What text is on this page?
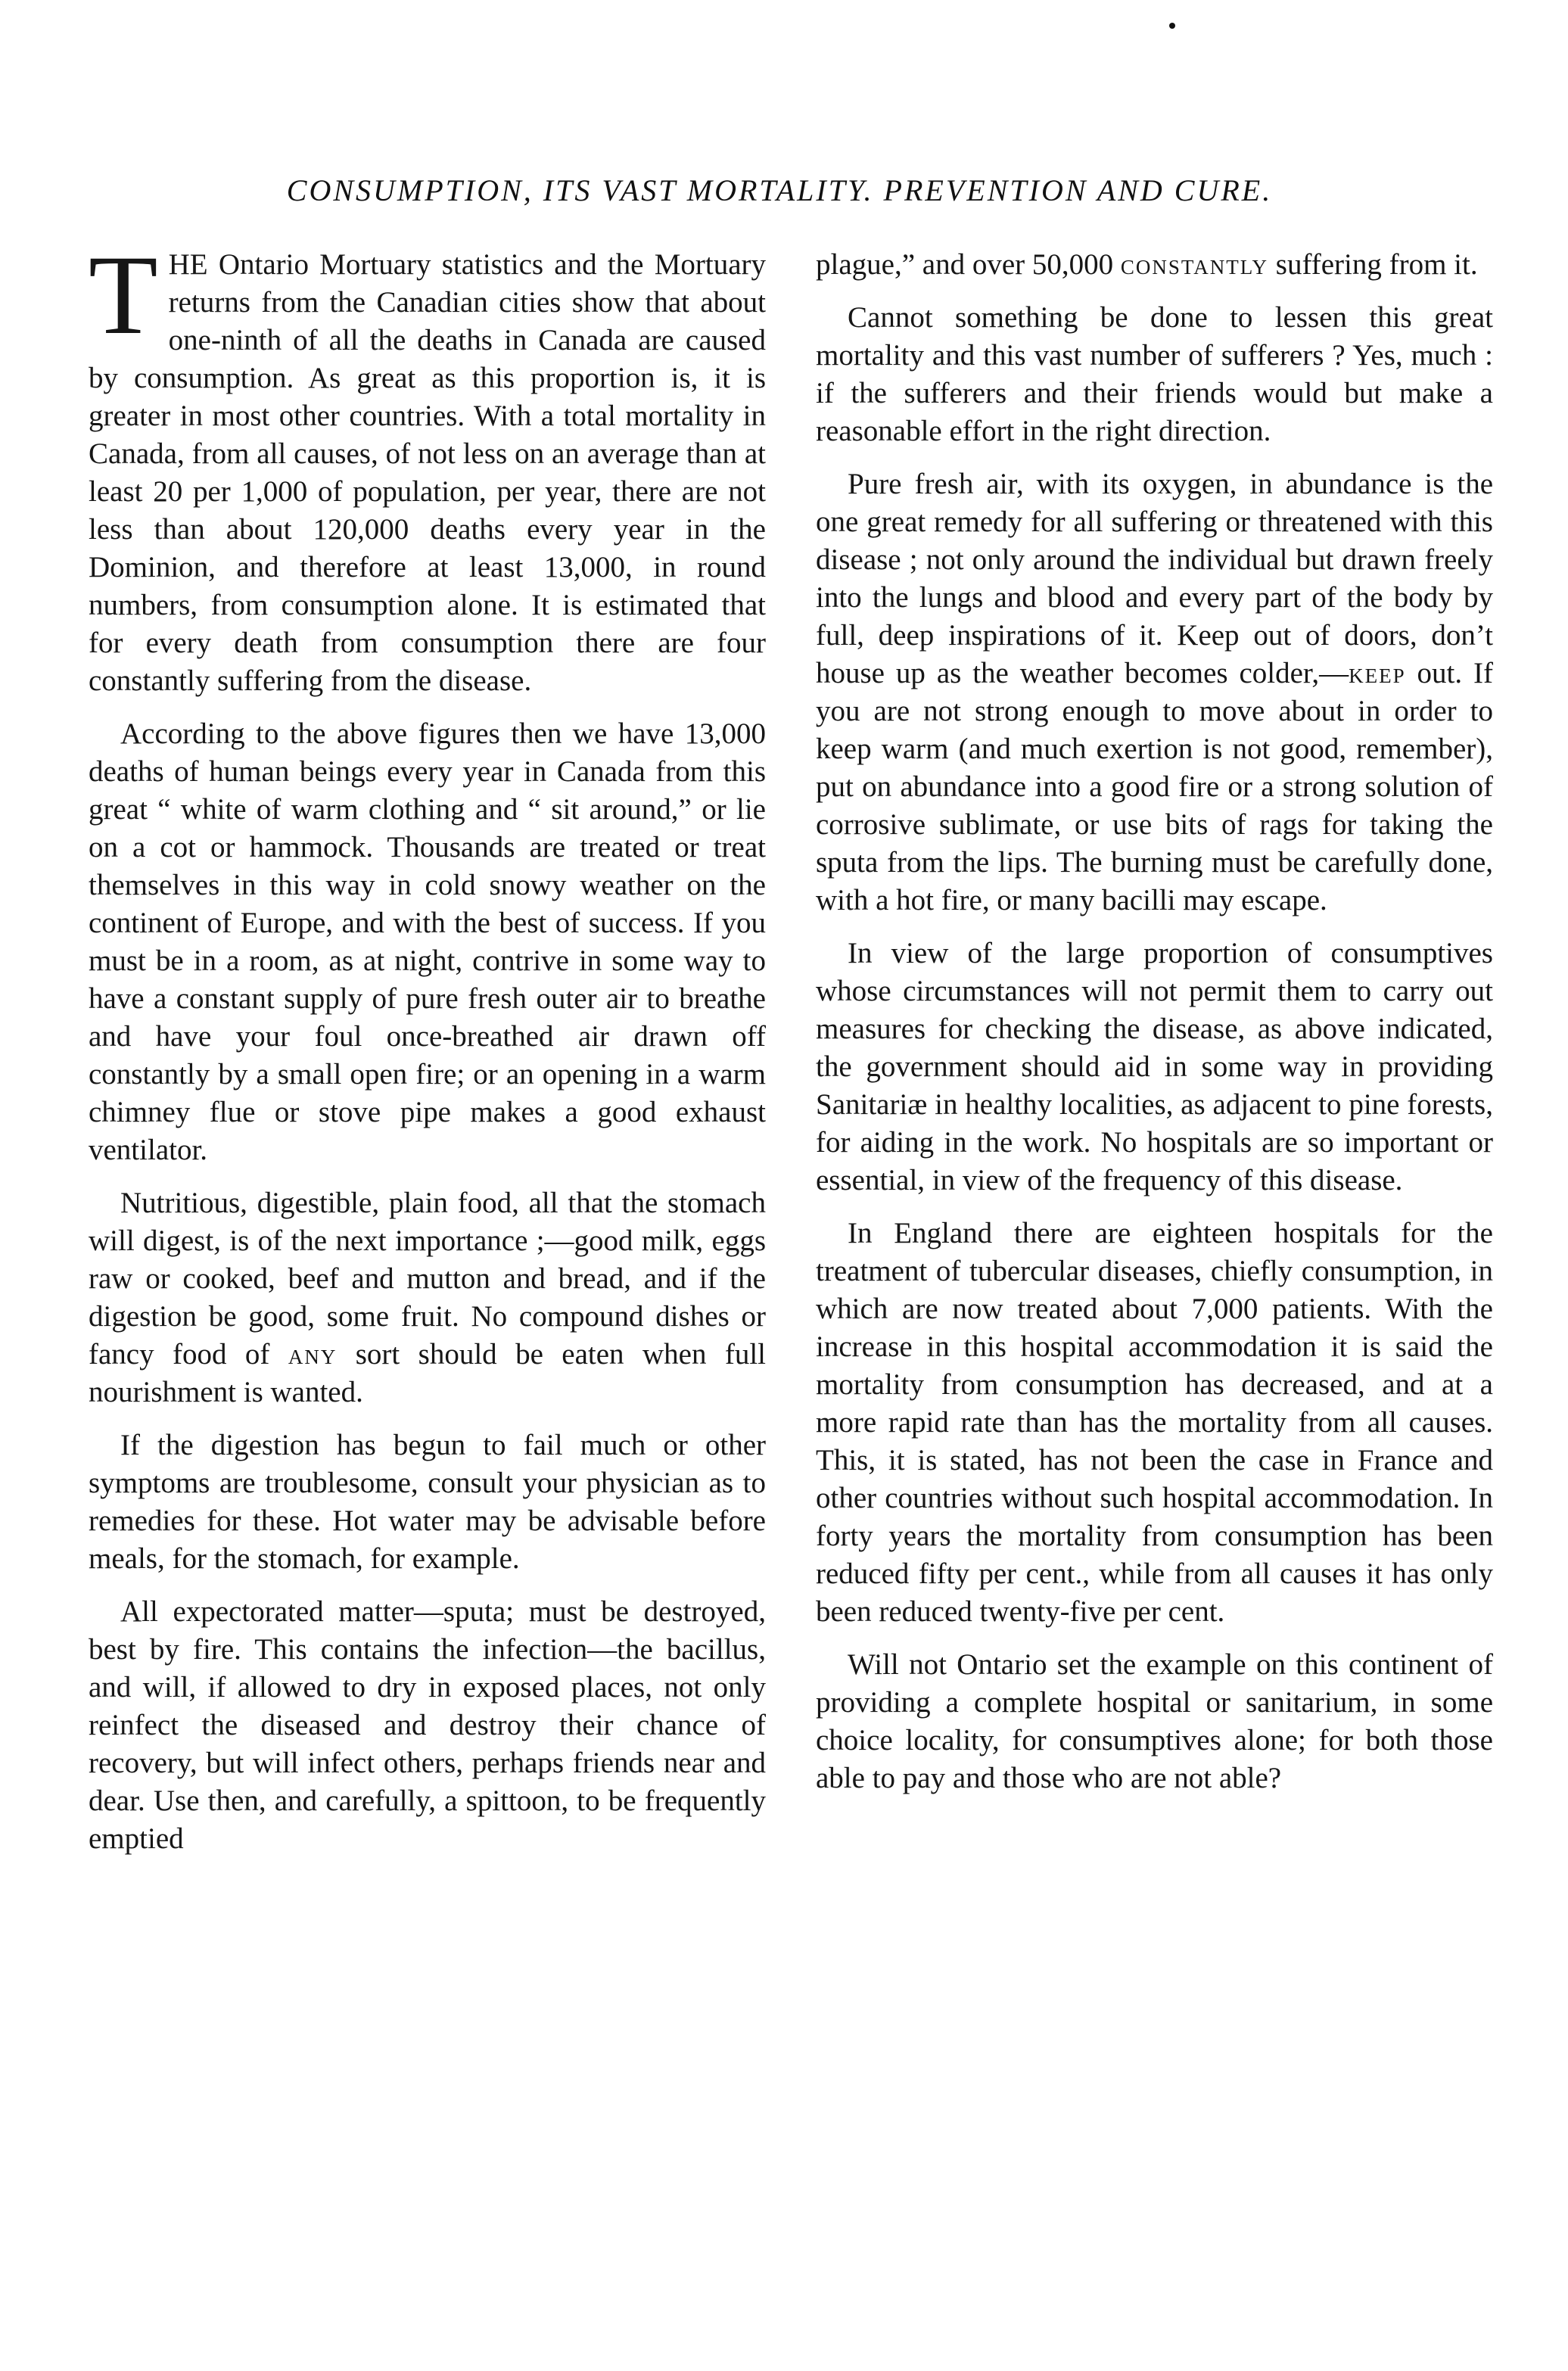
CONSUMPTION, ITS VAST MORTALITY. PREVENTION AND CURE.

THE Ontario Mortuary statistics and the Mortuary returns from the Canadian cities show that about one-ninth of all the deaths in Canada are caused by consumption. As great as this proportion is, it is greater in most other countries. With a total mortality in Canada, from all causes, of not less on an average than at least 20 per 1,000 of population, per year, there are not less than about 120,000 deaths every year in the Dominion, and therefore at least 13,000, in round numbers, from consumption alone. It is estimated that for every death from consumption there are four constantly suffering from the disease.

According to the above figures then we have 13,000 deaths of human beings every year in Canada from this great “ white of warm clothing and “ sit around,” or lie on a cot or hammock. Thousands are treated or treat themselves in this way in cold snowy weather on the continent of Europe, and with the best of success. If you must be in a room, as at night, contrive in some way to have a constant supply of pure fresh outer air to breathe and have your foul once-breathed air drawn off constantly by a small open fire; or an opening in a warm chimney flue or stove pipe makes a good exhaust ventilator.

Nutritious, digestible, plain food, all that the stomach will digest, is of the next importance ;—good milk, eggs raw or cooked, beef and mutton and bread, and if the digestion be good, some fruit. No compound dishes or fancy food of any sort should be eaten when full nourishment is wanted.

If the digestion has begun to fail much or other symptoms are troublesome, consult your physician as to remedies for these. Hot water may be advisable before meals, for the stomach, for example.

All expectorated matter—sputa; must be destroyed, best by fire. This contains the infection—the bacillus, and will, if allowed to dry in exposed places, not only reinfect the diseased and destroy their chance of recovery, but will infect others, perhaps friends near and dear. Use then, and carefully, a spittoon, to be frequently emptied

plague,” and over 50,000 constantly suffering from it.

Cannot something be done to lessen this great mortality and this vast number of sufferers ? Yes, much : if the sufferers and their friends would but make a reasonable effort in the right direction.

Pure fresh air, with its oxygen, in abundance is the one great remedy for all suffering or threatened with this disease ; not only around the individual but drawn freely into the lungs and blood and every part of the body by full, deep inspirations of it. Keep out of doors, don’t house up as the weather becomes colder,—keep out. If you are not strong enough to move about in order to keep warm (and much exertion is not good, remember), put on abundance into a good fire or a strong solution of corrosive sublimate, or use bits of rags for taking the sputa from the lips. The burning must be carefully done, with a hot fire, or many bacilli may escape.

In view of the large proportion of consumptives whose circumstances will not permit them to carry out measures for checking the disease, as above indicated, the government should aid in some way in providing Sanitariæ in healthy localities, as adjacent to pine forests, for aiding in the work. No hospitals are so important or essential, in view of the frequency of this disease.

In England there are eighteen hospitals for the treatment of tubercular diseases, chiefly consumption, in which are now treated about 7,000 patients. With the increase in this hospital accommodation it is said the mortality from consumption has decreased, and at a more rapid rate than has the mortality from all causes. This, it is stated, has not been the case in France and other countries without such hospital accommodation. In forty years the mortality from consumption has been reduced fifty per cent., while from all causes it has only been reduced twenty-five per cent.

Will not Ontario set the example on this continent of providing a complete hospital or sanitarium, in some choice locality, for consumptives alone; for both those able to pay and those who are not able?
